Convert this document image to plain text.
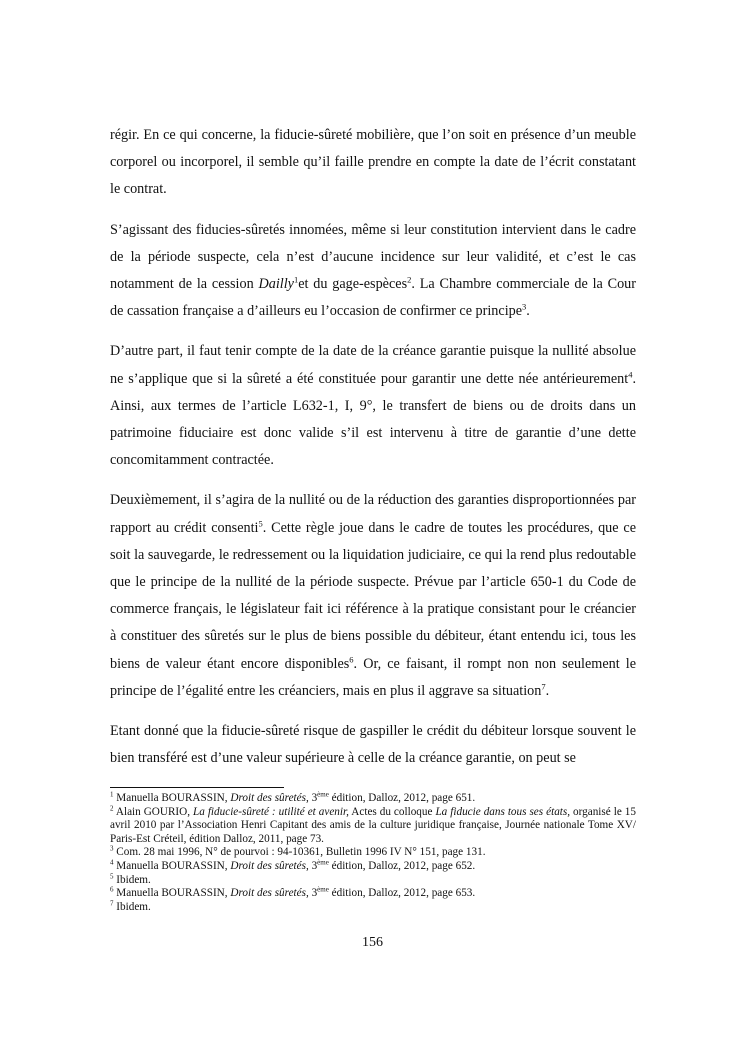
régir. En ce qui concerne, la fiducie-sûreté mobilière, que l’on soit en présence d’un meuble corporel ou incorporel, il semble qu’il faille prendre en compte la date de l’écrit constatant le contrat.

S’agissant des fiducies-sûretés innomées, même si leur constitution intervient dans le cadre de la période suspecte, cela n’est d’aucune incidence sur leur validité, et c’est le cas notamment de la cession Dailly$^1$et du gage-espèces$^2$. La Chambre commerciale de la Cour de cassation française a d’ailleurs eu l’occasion de confirmer ce principe$^3$.

D’autre part, il faut tenir compte de la date de la créance garantie puisque la nullité absolue ne s’applique que si la sûreté a été constituée pour garantir une dette née antérieurement$^4$. Ainsi, aux termes de l’article L632-1, I, 9°, le transfert de biens ou de droits dans un patrimoine fiduciaire est donc valide s’il est intervenu à titre de garantie d’une dette concomitamment contractée.

Deuxièmement, il s’agira de la nullité ou de la réduction des garanties disproportionnées par rapport au crédit consenti$^5$. Cette règle joue dans le cadre de toutes les procédures, que ce soit la sauvegarde, le redressement ou la liquidation judiciaire, ce qui la rend plus redoutable que le principe de la nullité de la période suspecte. Prévue par l’article 650-1 du Code de commerce français, le législateur fait ici référence à la pratique consistant pour le créancier à constituer des sûretés sur le plus de biens possible du débiteur, étant entendu ici, tous les biens de valeur étant encore disponibles$^6$. Or, ce faisant, il rompt non non seulement le principe de l’égalité entre les créanciers, mais en plus il aggrave sa situation$^7$.

Etant donné que la fiducie-sûreté risque de gaspiller le crédit du débiteur lorsque souvent le bien transféré est d’une valeur supérieure à celle de la créance garantie, on peut se

$^1$ Manuella BOURASSIN, Droit des sûretés, 3ème édition, Dalloz, 2012, page 651.

$^2$ Alain GOURIO, La fiducie-sûreté : utilité et avenir, Actes du colloque La fiducie dans tous ses états, organisé le 15 avril 2010 par l’Association Henri Capitant des amis de la culture juridique française, Journée nationale Tome XV/ Paris-Est Créteil, édition Dalloz, 2011, page 73.

$^3$ Com. 28 mai 1996, N° de pourvoi : 94-10361, Bulletin 1996 IV N° 151, page 131.

$^4$ Manuella BOURASSIN, Droit des sûretés, 3ème édition, Dalloz, 2012, page 652.

$^5$ Ibidem.

$^6$ Manuella BOURASSIN, Droit des sûretés, 3ème édition, Dalloz, 2012, page 653.

$^7$ Ibidem.

156
